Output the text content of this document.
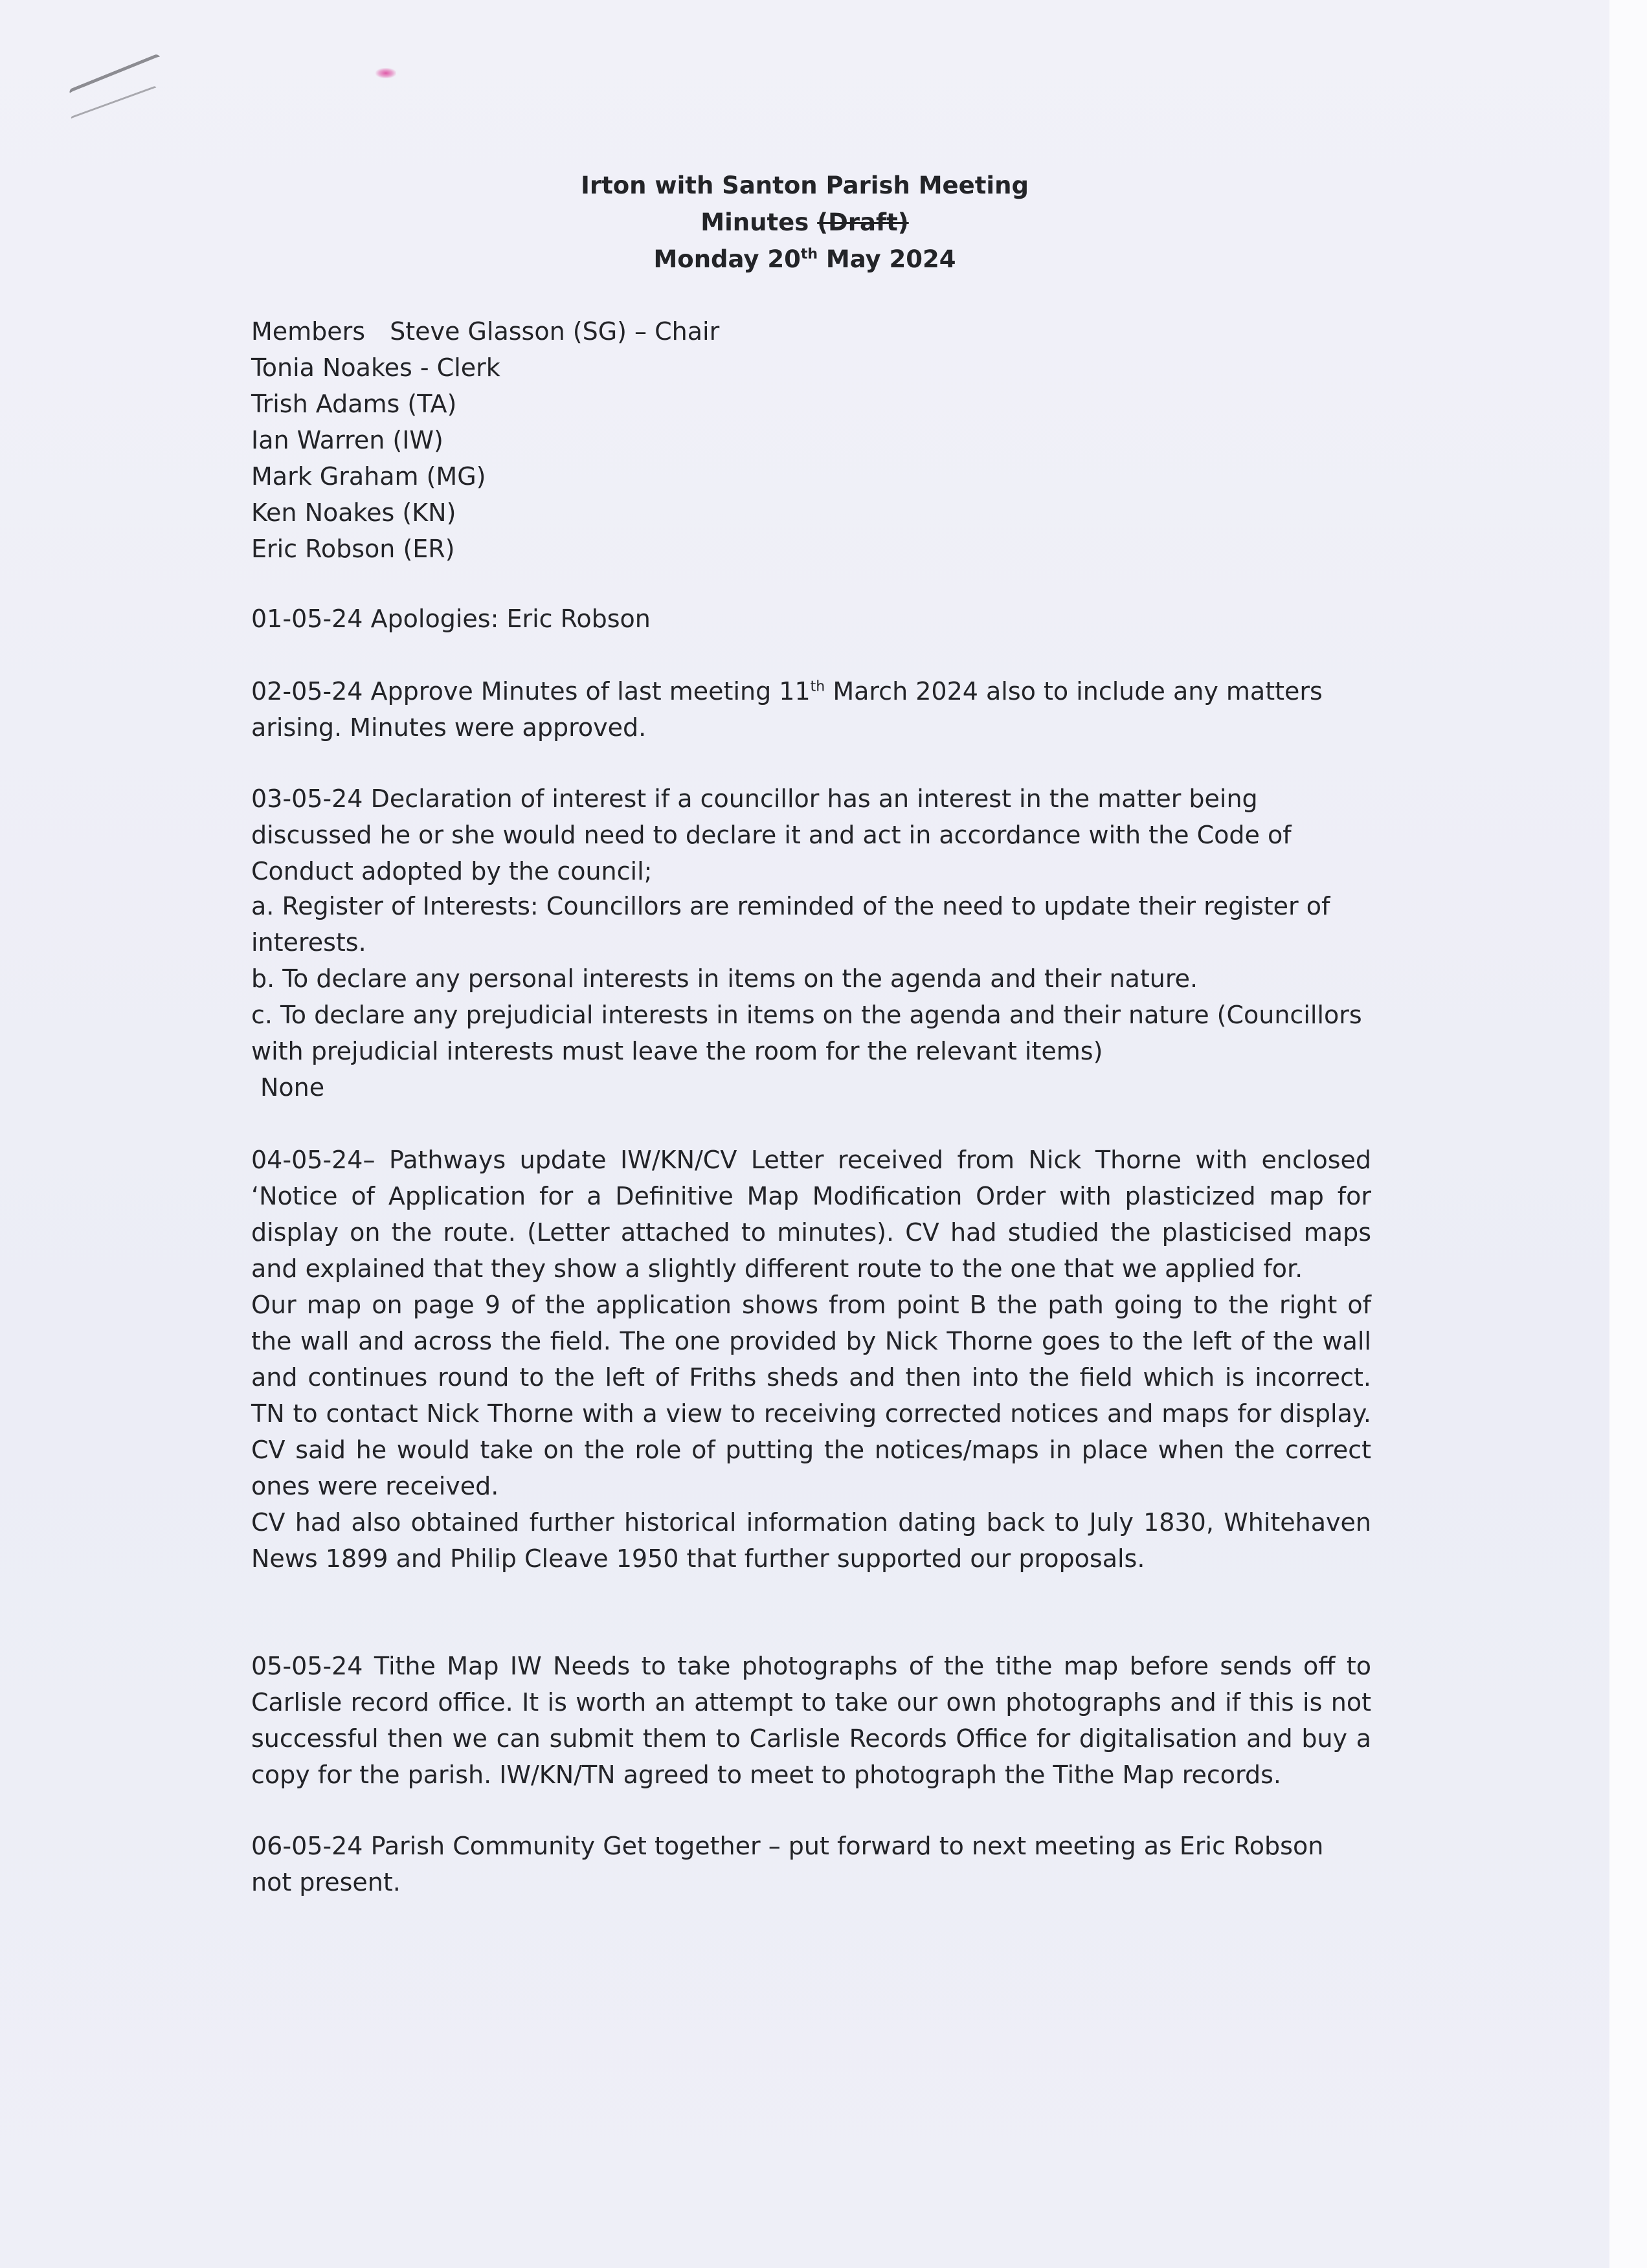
Irton with Santon Parish Meeting
Minutes (Draft)
Monday 20th May 2024
Members Steve Glasson (SG) – Chair
Tonia Noakes - Clerk
Trish Adams (TA)
Ian Warren (IW)
Mark Graham (MG)
Ken Noakes (KN)
Eric Robson (ER)
01-05-24 Apologies: Eric Robson
02-05-24 Approve Minutes of last meeting 11th March 2024 also to include any matters arising. Minutes were approved.
03-05-24 Declaration of interest if a councillor has an interest in the matter being discussed he or she would need to declare it and act in accordance with the Code of Conduct adopted by the council;
a. Register of Interests: Councillors are reminded of the need to update their register of interests.
b. To declare any personal interests in items on the agenda and their nature.
c. To declare any prejudicial interests in items on the agenda and their nature (Councillors with prejudicial interests must leave the room for the relevant items)
None
04-05-24– Pathways update IW/KN/CV Letter received from Nick Thorne with enclosed ‘Notice of Application for a Definitive Map Modification Order with plasticized map for display on the route. (Letter attached to minutes). CV had studied the plasticised maps and explained that they show a slightly different route to the one that we applied for.
Our map on page 9 of the application shows from point B the path going to the right of the wall and across the field. The one provided by Nick Thorne goes to the left of the wall and continues round to the left of Friths sheds and then into the field which is incorrect. TN to contact Nick Thorne with a view to receiving corrected notices and maps for display. CV said he would take on the role of putting the notices/maps in place when the correct ones were received.
CV had also obtained further historical information dating back to July 1830, Whitehaven News 1899 and Philip Cleave 1950 that further supported our proposals.
05-05-24 Tithe Map IW Needs to take photographs of the tithe map before sends off to Carlisle record office. It is worth an attempt to take our own photographs and if this is not successful then we can submit them to Carlisle Records Office for digitalisation and buy a copy for the parish. IW/KN/TN agreed to meet to photograph the Tithe Map records.
06-05-24 Parish Community Get together – put forward to next meeting as Eric Robson not present.
